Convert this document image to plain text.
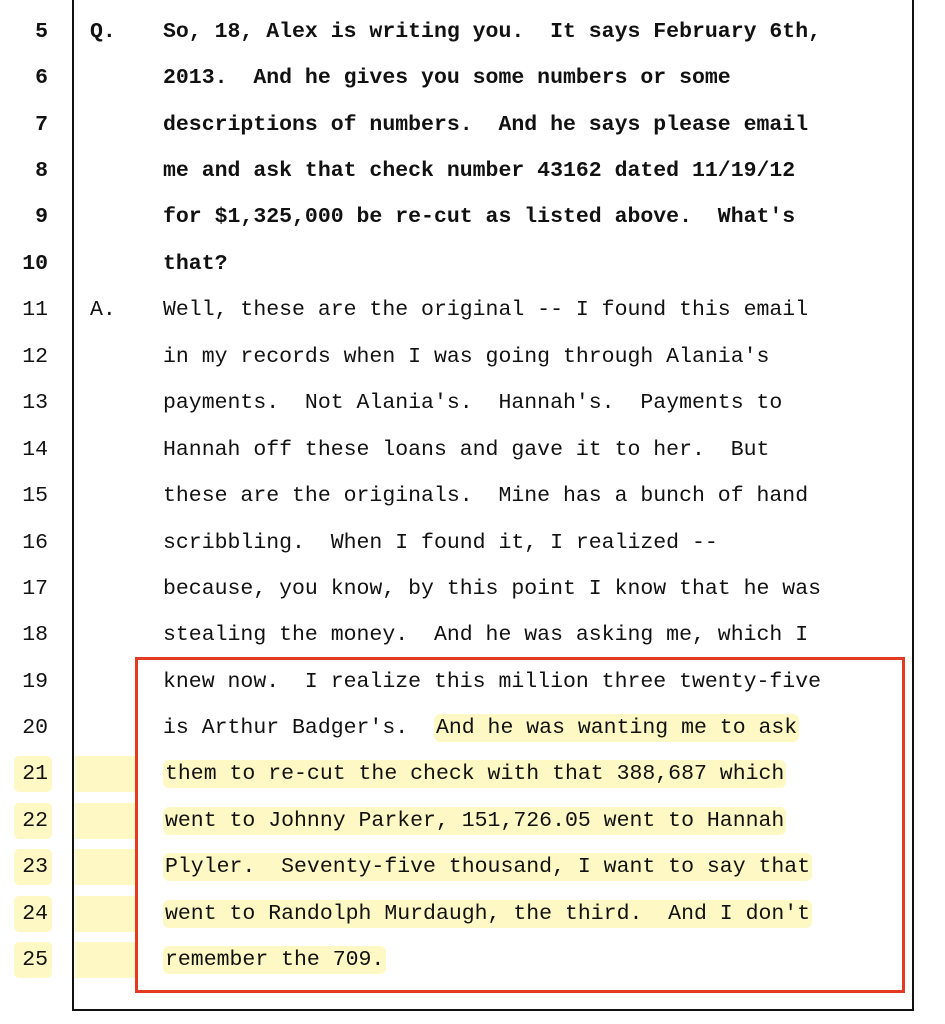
5 Q. So, 18, Alex is writing you.  It says February 6th,
6	2013.  And he gives you some numbers or some
7	descriptions of numbers.  And he says please email
8	me and ask that check number 43162 dated 11/19/12
9	for $1,325,000 be re-cut as listed above.  What's
10	that?
11 A. Well, these are the original -- I found this email
12	in my records when I was going through Alania's
13	payments.  Not Alania's.  Hannah's.  Payments to
14	Hannah off these loans and gave it to her.  But
15	these are the originals.  Mine has a bunch of hand
16	scribbling.  When I found it, I realized --
17	because, you know, by this point I know that he was
18	stealing the money.  And he was asking me, which I
19	knew now.  I realize this million three twenty-five
20	is Arthur Badger's.  And he was wanting me to ask
21	them to re-cut the check with that 388,687 which
22	went to Johnny Parker, 151,726.05 went to Hannah
23	Plyler.  Seventy-five thousand, I want to say that
24	went to Randolph Murdaugh, the third.  And I don't
25	remember the 709.
